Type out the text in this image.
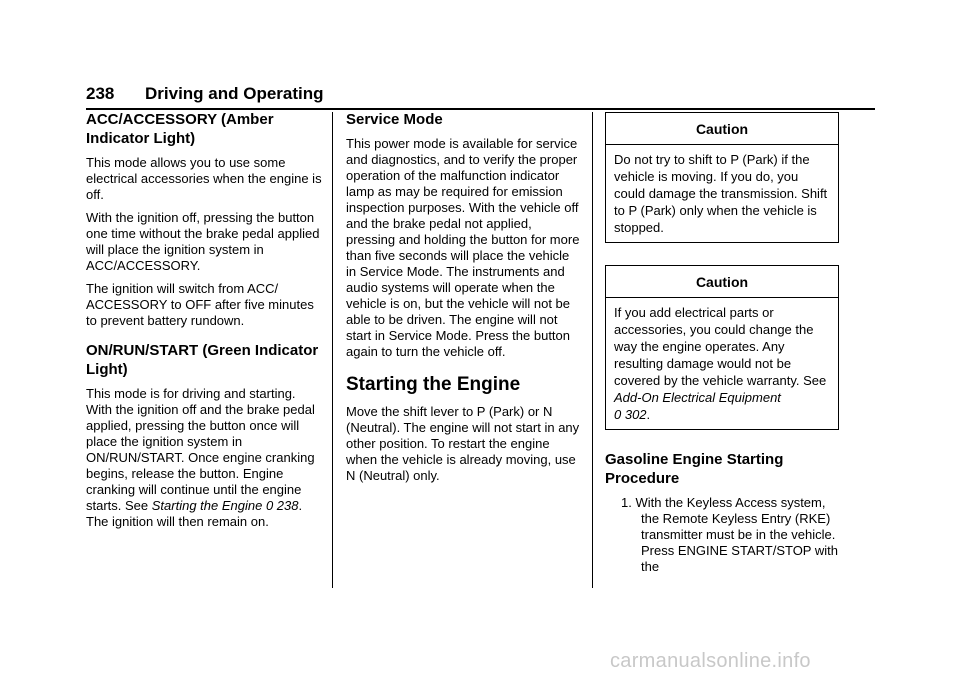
238 Driving and Operating
ACC/ACCESSORY (Amber Indicator Light)

This mode allows you to use some electrical accessories when the engine is off.

With the ignition off, pressing the button one time without the brake pedal applied will place the ignition system in ACC/ACCESSORY.

The ignition will switch from ACC/ ACCESSORY to OFF after five minutes to prevent battery rundown.

ON/RUN/START (Green Indicator Light)

This mode is for driving and starting. With the ignition off and the brake pedal applied, pressing the button once will place the ignition system in ON/RUN/START. Once engine cranking begins, release the button. Engine cranking will continue until the engine starts. See Starting the Engine 0 238. The ignition will then remain on.

Service Mode

This power mode is available for service and diagnostics, and to verify the proper operation of the malfunction indicator lamp as may be required for emission inspection purposes. With the vehicle off and the brake pedal not applied, pressing and holding the button for more than five seconds will place the vehicle in Service Mode. The instruments and audio systems will operate when the vehicle is on, but the vehicle will not be able to be driven. The engine will not start in Service Mode. Press the button again to turn the vehicle off.

Starting the Engine

Move the shift lever to P (Park) or N (Neutral). The engine will not start in any other position. To restart the engine when the vehicle is already moving, use N (Neutral) only.

Caution
Do not try to shift to P (Park) if the vehicle is moving. If you do, you could damage the transmission. Shift to P (Park) only when the vehicle is stopped.
Caution
If you add electrical parts or accessories, you could change the way the engine operates. Any resulting damage would not be covered by the vehicle warranty. See Add-On Electrical Equipment
0 302.
Gasoline Engine Starting Procedure
1. With the Keyless Access system, the Remote Keyless Entry (RKE) transmitter must be in the vehicle. Press ENGINE START/STOP with the
carmanualsonline.info
